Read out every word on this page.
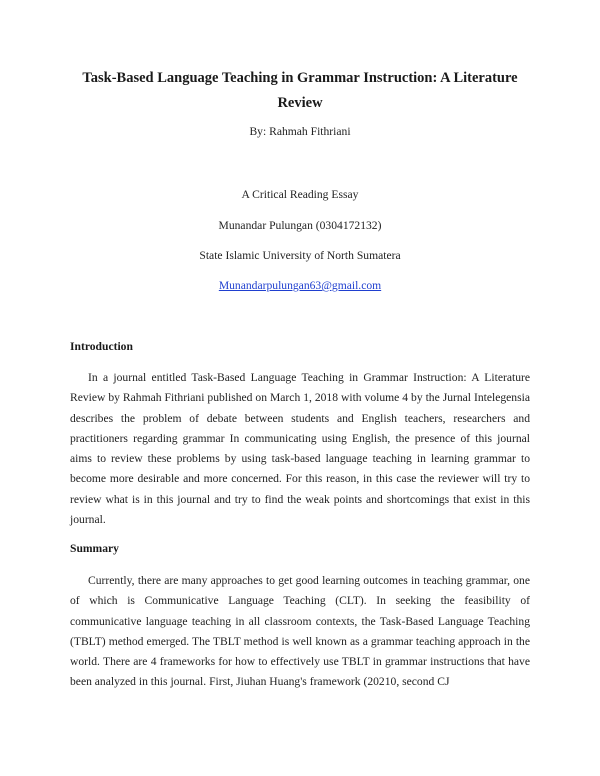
Task-Based Language Teaching in Grammar Instruction: A Literature Review
By: Rahmah Fithriani
A Critical Reading Essay
Munandar Pulungan (0304172132)
State Islamic University of North Sumatera
Munandarpulungan63@gmail.com
Introduction

In a journal entitled Task-Based Language Teaching in Grammar Instruction: A Literature Review by Rahmah Fithriani published on March 1, 2018 with volume 4 by the Jurnal Intelegensia describes the problem of debate between students and English teachers, researchers and practitioners regarding grammar In communicating using English, the presence of this journal aims to review these problems by using task-based language teaching in learning grammar to become more desirable and more concerned. For this reason, in this case the reviewer will try to review what is in this journal and try to find the weak points and shortcomings that exist in this journal.

Summary

Currently, there are many approaches to get good learning outcomes in teaching grammar, one of which is Communicative Language Teaching (CLT). In seeking the feasibility of communicative language teaching in all classroom contexts, the Task-Based Language Teaching (TBLT) method emerged. The TBLT method is well known as a grammar teaching approach in the world. There are 4 frameworks for how to effectively use TBLT in grammar instructions that have been analyzed in this journal. First, Jiuhan Huang's framework (20210, second CJ
